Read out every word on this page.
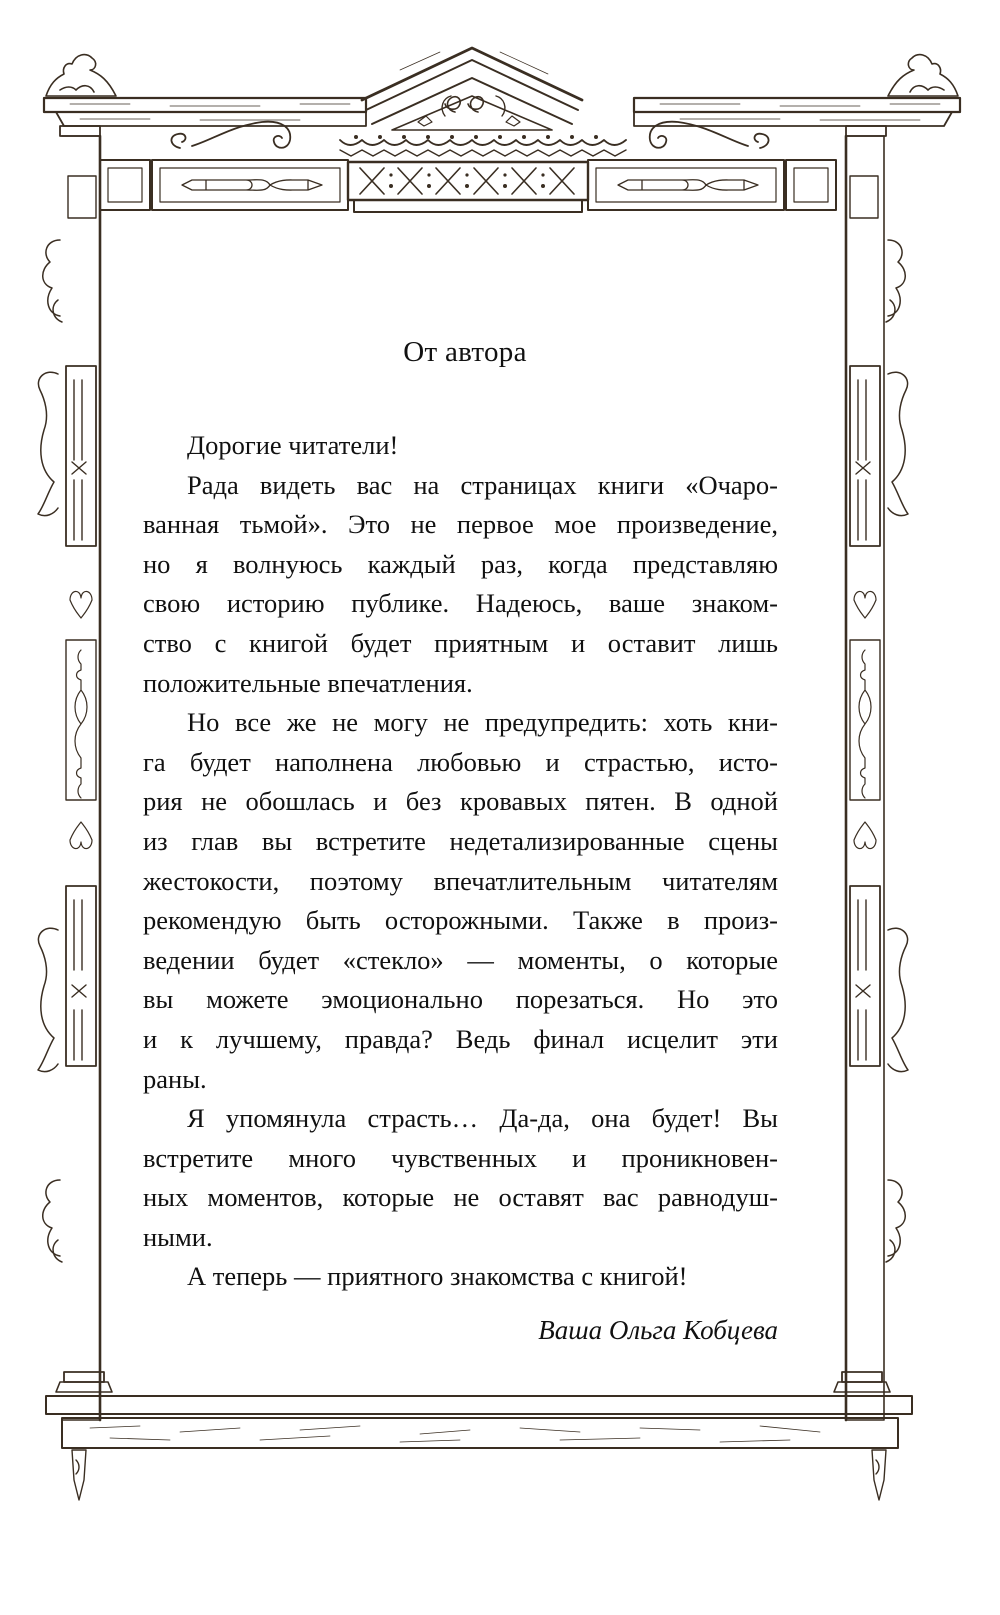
От автора
Дорогие читатели!
Рада видеть вас на страницах книги «Очаро-
ванная тьмой». Это не первое мое произведение,
но я волнуюсь каждый раз, когда представляю
свою историю публике. Надеюсь, ваше знаком-
ство с книгой будет приятным и оставит лишь
положительные впечатления.
Но все же не могу не предупредить: хоть кни-
га будет наполнена любовью и страстью, исто-
рия не обошлась и без кровавых пятен. В одной
из глав вы встретите недетализированные сцены
жестокости, поэтому впечатлительным читателям
рекомендую быть осторожными. Также в произ-
ведении будет «стекло» — моменты, о которые
вы можете эмоционально порезаться. Но это
и к лучшему, правда? Ведь финал исцелит эти
раны.
Я упомянула страсть… Да-да, она будет! Вы
встретите много чувственных и проникновен-
ных моментов, которые не оставят вас равнодуш-
ными.
А теперь — приятного знакомства с книгой!
Ваша Ольга Кобцева
